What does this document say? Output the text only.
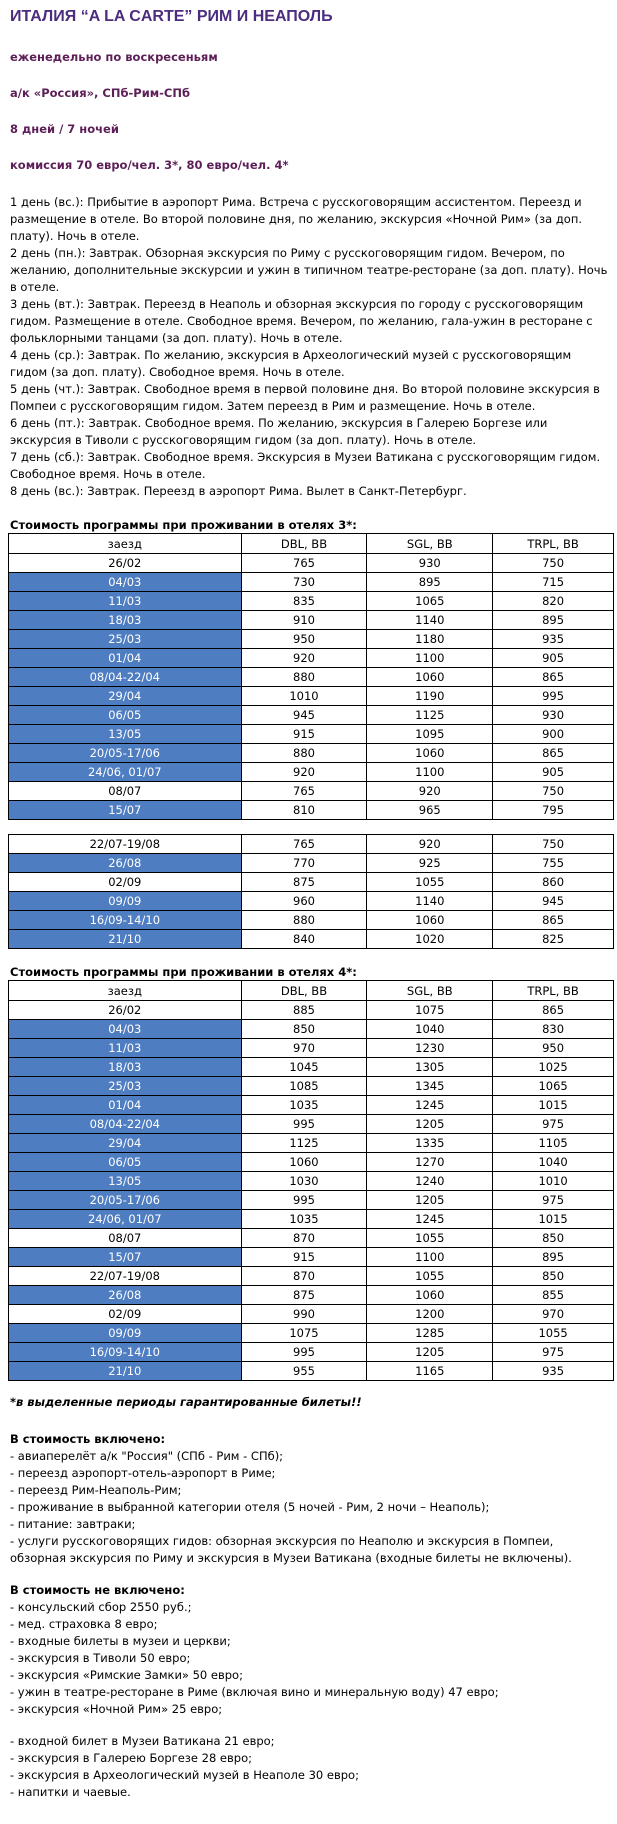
ИТАЛИЯ “A LA CARTE” РИМ И НЕАПОЛЬ
еженедельно по воскресеньям
а/к «Россия», СПб-Рим-СПб
8 дней / 7 ночей
комиссия 70 евро/чел. 3*, 80 евро/чел. 4*

1 день (вс.): Прибытие в аэропорт Рима. Встреча с русскоговорящим ассистентом. Переезд и размещение в отеле. Во второй половине дня, по желанию, экскурсия «Ночной Рим» (за доп. плату). Ночь в отеле.

2 день (пн.): Завтрак. Обзорная экскурсия по Риму с русскоговорящим гидом. Вечером, по желанию, дополнительные экскурсии и ужин в типичном театре-ресторане (за доп. плату). Ночь в отеле.

3 день (вт.): Завтрак. Переезд в Неаполь и обзорная экскурсия по городу с русскоговорящим гидом. Размещение в отеле. Свободное время. Вечером, по желанию, гала-ужин в ресторане с фольклорными танцами (за доп. плату). Ночь в отеле.

4 день (ср.): Завтрак. По желанию, экскурсия в Археологический музей с русскоговорящим гидом (за доп. плату). Свободное время. Ночь в отеле.

5 день (чт.): Завтрак. Свободное время в первой половине дня. Во второй половине экскурсия в Помпеи с русскоговорящим гидом. Затем переезд в Рим и размещение. Ночь в отеле.

6 день (пт.): Завтрак. Свободное время. По желанию, экскурсия в Галерею Боргезе или экскурсия в Тиволи с русскоговорящим гидом (за доп. плату). Ночь в отеле.

7 день (сб.): Завтрак. Свободное время. Экскурсия в Музеи Ватикана с русскоговорящим гидом. Свободное время. Ночь в отеле.

8 день (вс.): Завтрак. Переезд в аэропорт Рима. Вылет в Санкт-Петербург.

Стоимость программы при проживании в отелях 3*:
заезд	DBL, BB	SGL, BB	TRPL, BB
26/02	765	930	750
04/03	730	895	715
11/03	835	1065	820
18/03	910	1140	895
25/03	950	1180	935
01/04	920	1100	905
08/04-22/04	880	1060	865
29/04	1010	1190	995
06/05	945	1125	930
13/05	915	1095	900
20/05-17/06	880	1060	865
24/06, 01/07	920	1100	905
08/07	765	920	750
15/07	810	965	795
22/07-19/08	765	920	750
26/08	770	925	755
02/09	875	1055	860
09/09	960	1140	945
16/09-14/10	880	1060	865
21/10	840	1020	825
Стоимость программы при проживании в отелях 4*:
заезд	DBL, BB	SGL, BB	TRPL, BB
26/02	885	1075	865
04/03	850	1040	830
11/03	970	1230	950
18/03	1045	1305	1025
25/03	1085	1345	1065
01/04	1035	1245	1015
08/04-22/04	995	1205	975
29/04	1125	1335	1105
06/05	1060	1270	1040
13/05	1030	1240	1010
20/05-17/06	995	1205	975
24/06, 01/07	1035	1245	1015
08/07	870	1055	850
15/07	915	1100	895
22/07-19/08	870	1055	850
26/08	875	1060	855
02/09	990	1200	970
09/09	1075	1285	1055
16/09-14/10	995	1205	975
21/10	955	1165	935
*в выделенные периоды гарантированные билеты!!

В стоимость включено:

- авиаперелёт а/к "Россия" (СПб - Рим - СПб);

- переезд аэропорт-отель-аэропорт в Риме;

- переезд Рим-Неаполь-Рим;

- проживание в выбранной категории отеля (5 ночей - Рим, 2 ночи – Неаполь);

- питание: завтраки;

- услуги русскоговорящих гидов: обзорная экскурсия по Неаполю и экскурсия в Помпеи, обзорная экскурсия по Риму и экскурсия в Музеи Ватикана (входные билеты не включены).

В стоимость не включено:

- консульский сбор 2550 руб.;

- мед. страховка 8 евро;

- входные билеты в музеи и церкви;

- экскурсия в Тиволи 50 евро;

- экскурсия «Римские Замки» 50 евро;

- ужин в театре-ресторане в Риме (включая вино и минеральную воду) 47 евро;

- экскурсия «Ночной Рим» 25 евро;

- входной билет в Музеи Ватикана 21 евро;

- экскурсия в Галерею Боргезе 28 евро;

- экскурсия в Археологический музей в Неаполе 30 евро;

- напитки и чаевые.
